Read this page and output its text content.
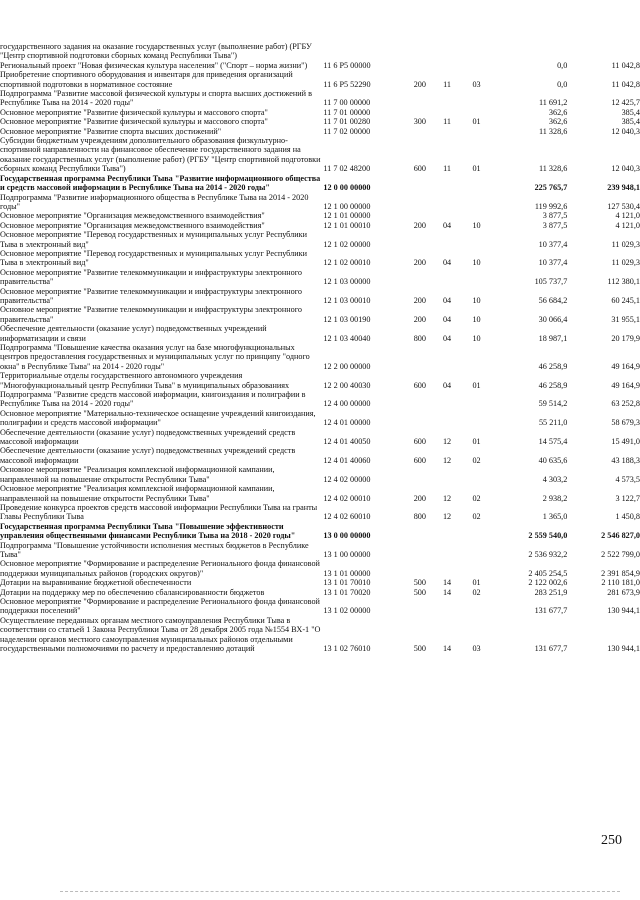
государственного задания на оказание государственных услуг (выполнение работ) (РГБУ "Центр спортивной подготовки сборных команд Республики Тыва")						
Региональный проект "Новая физическая культура населения" ("Спорт – норма жизни")	11 6 Р5 00000				0,0	11 042,8
Приобретение спортивного оборудования и инвентаря для приведения организаций спортивной подготовки в нормативное состояние	11 6 Р5 52290	200	11	03	0,0	11 042,8
Подпрограмма "Развитие массовой физической культуры и спорта высших достижений в Республике Тыва на 2014 - 2020 годы"	11 7 00 00000				11 691,2	12 425,7
Основное мероприятие "Развитие физической культуры и массового спорта"	11 7 01 00000				362,6	385,4
Основное мероприятие "Развитие физической культуры и массового спорта"	11 7 01 00280	300	11	01	362,6	385,4
Основное мероприятие "Развитие спорта высших достижений"	11 7 02 00000				11 328,6	12 040,3
Субсидии бюджетным учреждениям дополнительного образования физкультурно-спортивной направленности на финансовое обеспечение государственного задания на оказание государственных услуг (выполнение работ) (РГБУ "Центр спортивной подготовки сборных команд Республики Тыва")	11 7 02 48200	600	11	01	11 328,6	12 040,3
Государственная программа Республики Тыва "Развитие информационного общества и средств массовой информации в Республике Тыва на 2014 - 2020 годы"	12 0 00 00000				225 765,7	239 948,1
Подпрограмма "Развитие информационного общества в Республике Тыва на 2014 - 2020 годы"	12 1 00 00000				119 992,6	127 530,4
Основное мероприятие "Организация межведомственного взаимодействия"	12 1 01 00000				3 877,5	4 121,0
Основное мероприятие "Организация межведомственного взаимодействия"	12 1 01 00010	200	04	10	3 877,5	4 121,0
Основное мероприятие "Перевод государственных и муниципальных услуг Республики Тыва в электронный вид"	12 1 02 00000				10 377,4	11 029,3
Основное мероприятие "Перевод государственных и муниципальных услуг Республики Тыва в электронный вид"	12 1 02 00010	200	04	10	10 377,4	11 029,3
Основное мероприятие "Развитие телекоммуникации и инфраструктуры электронного правительства"	12 1 03 00000				105 737,7	112 380,1
Основное мероприятие "Развитие телекоммуникации и инфраструктуры электронного правительства"	12 1 03 00010	200	04	10	56 684,2	60 245,1
Основное мероприятие "Развитие телекоммуникации и инфраструктуры электронного правительства"	12 1 03 00190	200	04	10	30 066,4	31 955,1
Обеспечение деятельности (оказание услуг) подведомственных учреждений информатизации и связи	12 1 03 40040	800	04	10	18 987,1	20 179,9
Подпрограмма "Повышение качества оказания услуг на базе многофункциональных центров предоставления государственных и муниципальных услуг по принципу "одного окна" в Республике Тыва" на 2014 - 2020 годы"	12 2 00 00000				46 258,9	49 164,9
Территориальные отделы государственного автономного учреждения "Многофункциональный центр Республики Тыва" в муниципальных образованиях	12 2 00 40030	600	04	01	46 258,9	49 164,9
Подпрограмма "Развитие средств массовой информации, книгоиздания и полиграфии в Республике Тыва на 2014 - 2020 годы"	12 4 00 00000				59 514,2	63 252,8
Основное мероприятие "Материально-техническое оснащение учреждений книгоиздания, полиграфии и средств массовой информации"	12 4 01 00000				55 211,0	58 679,3
Обеспечение деятельности (оказание услуг) подведомственных учреждений средств массовой информации	12 4 01 40050	600	12	01	14 575,4	15 491,0
Обеспечение деятельности (оказание услуг) подведомственных учреждений средств массовой информации	12 4 01 40060	600	12	02	40 635,6	43 188,3
Основное мероприятие "Реализация комплексной информационной кампании, направленной на повышение открытости Республики Тыва"	12 4 02 00000				4 303,2	4 573,5
Основное мероприятие "Реализация комплексной информационной кампании, направленной на повышение открытости Республики Тыва"	12 4 02 00010	200	12	02	2 938,2	3 122,7
Проведение конкурса проектов средств массовой информации Республики Тыва на гранты Главы Республики Тыва	12 4 02 60010	800	12	02	1 365,0	1 450,8
Государственная программа Республики Тыва "Повышение эффективности управления общественными финансами Республики Тыва на 2018 - 2020 годы"	13 0 00 00000				2 559 540,0	2 546 827,0
Подпрограмма "Повышение устойчивости исполнения местных бюджетов в Республике Тыва"	13 1 00 00000				2 536 932,2	2 522 799,0
Основное мероприятие "Формирование и распределение Регионального фонда финансовой поддержки муниципальных районов (городских округов)"	13 1 01 00000				2 405 254,5	2 391 854,9
Дотации на выравнивание бюджетной обеспеченности	13 1 01 70010	500	14	01	2 122 002,6	2 110 181,0
Дотации на поддержку мер по обеспечению сбалансированности бюджетов	13 1 01 70020	500	14	02	283 251,9	281 673,9
Основное мероприятие "Формирование и распределение Регионального фонда финансовой поддержки поселений"	13 1 02 00000				131 677,7	130 944,1
Осуществление переданных органам местного самоуправления Республики Тыва в соответствии со статьей 1 Закона Республики Тыва от 28 декабря 2005 года №1554 ВХ-1 "О наделении органов местного самоуправления муниципальных районов отдельными государственными полномочиями по расчету и предоставлению дотаций	13 1 02 76010	500	14	03	131 677,7	130 944,1
250
